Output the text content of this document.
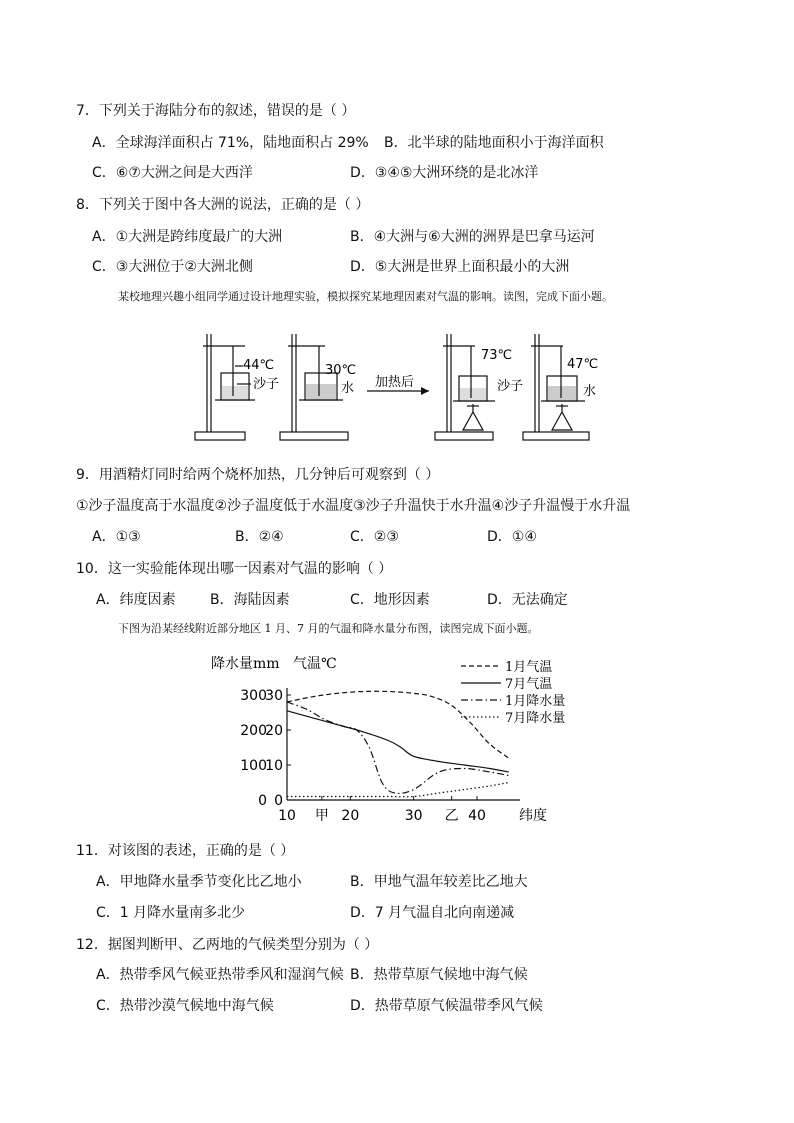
7．下列关于海陆分布的叙述，错误的是（ ）
A．全球海洋面积占 71%，陆地面积占 29% B．北半球的陆地面积小于海洋面积
C．⑥⑦大洲之间是大西洋	D．③④⑤大洲环绕的是北冰洋
8．下列关于图中各大洲的说法，正确的是（ ）
A．①大洲是跨纬度最广的大洲	B．④大洲与⑥大洲的洲界是巴拿马运河
C．③大洲位于②大洲北侧	D．⑤大洲是世界上面积最小的大洲
某校地理兴趣小组同学通过设计地理实验，模拟探究某地理因素对气温的影响。读图，完成下面小题。
44℃
沙子
30℃
水 加热后
73℃
沙子
47℃
水
9．用酒精灯同时给两个烧杯加热，几分钟后可观察到（ ）
①沙子温度高于水温度②沙子温度低于水温度③沙子升温快于水升温④沙子升温慢于水升温
A．①③	B．②④	C．②③	D．①④
10．这一实验能体现出哪一因素对气温的影响（ ）
A．纬度因素 B．海陆因素	C．地形因素	D．无法确定
下图为沿某经线附近部分地区 1 月、7 月的气温和降水量分布图，读图完成下面小题。
降水量mm 气温℃
0 0
100
10
200
20
300
30
10 甲 20	30 乙 40
1月气温
7月气温
1月降水量
7月降水量
纬度
11．对该图的表述，正确的是（ ）
A．甲地降水量季节变化比乙地小	B．甲地气温年较差比乙地大
C．1 月降水量南多北少	D．7 月气温自北向南递减
12．据图判断甲、乙两地的气候类型分别为（ ）
A．热带季风气候亚热带季风和湿润气候 B．热带草原气候地中海气候
C．热带沙漠气候地中海气候	D．热带草原气候温带季风气候
